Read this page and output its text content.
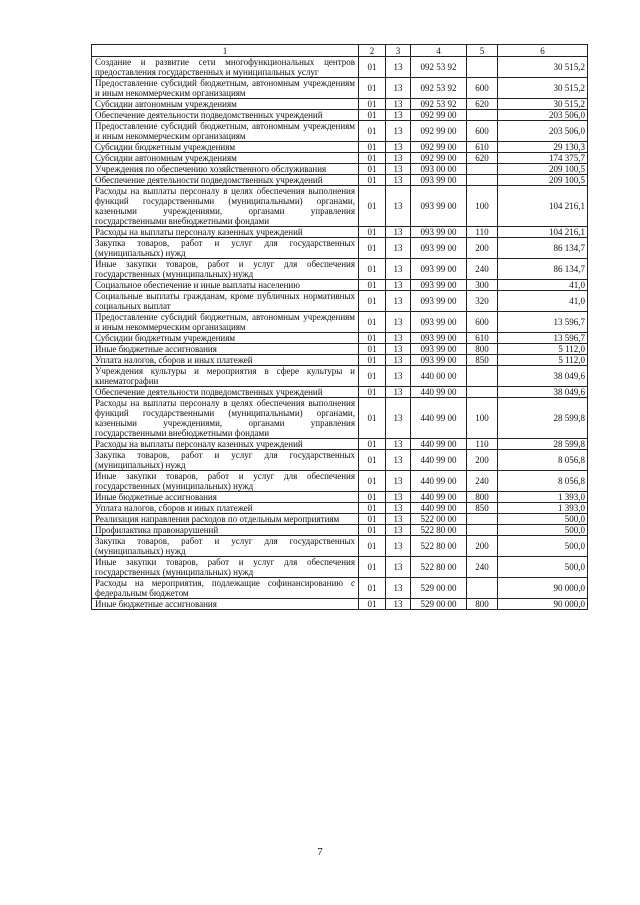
1	2	3	4	5	6
Создание и развитие сети многофункциональных центров предоставления государственных и муниципальных услуг	01	13	092 53 92		30 515,2
Предоставление субсидий бюджетным, автономным учреждениям и иным некоммерческим организациям	01	13	092 53 92	600	30 515,2
Субсидии автономным учреждениям	01	13	092 53 92	620	30 515,2
Обеспечение деятельности подведомственных учреждений	01	13	092 99 00		203 506,0
Предоставление субсидий бюджетным, автономным учреждениям и иным некоммерческим организациям	01	13	092 99 00	600	203 506,0
Субсидии бюджетным учреждениям	01	13	092 99 00	610	29 130,3
Субсидии автономным учреждениям	01	13	092 99 00	620	174 375,7
Учреждения по обеспечению хозяйственного обслуживания	01	13	093 00 00		209 100,5
Обеспечение деятельности подведомственных учреждений	01	13	093 99 00		209 100,5
Расходы на выплаты персоналу в целях обеспечения выполнения функций государственными (муниципальными) органами, казенными учреждениями, органами управления государственными внебюджетными фондами	01	13	093 99 00	100	104 216,1
Расходы на выплаты персоналу казенных учреждений	01	13	093 99 00	110	104 216,1
Закупка товаров, работ и услуг для государственных (муниципальных) нужд	01	13	093 99 00	200	86 134,7
Иные закупки товаров, работ и услуг для обеспечения государственных (муниципальных) нужд	01	13	093 99 00	240	86 134,7
Социальное обеспечение и иные выплаты населению	01	13	093 99 00	300	41,0
Социальные выплаты гражданам, кроме публичных нормативных социальных выплат	01	13	093 99 00	320	41,0
Предоставление субсидий бюджетным, автономным учреждениям и иным некоммерческим организациям	01	13	093 99 00	600	13 596,7
Субсидии бюджетным учреждениям	01	13	093 99 00	610	13 596,7
Иные бюджетные ассигнования	01	13	093 99 00	800	5 112,0
Уплата налогов, сборов и иных платежей	01	13	093 99 00	850	5 112,0
Учреждения культуры и мероприятия в сфере культуры и кинематографии	01	13	440 00 00		38 049,6
Обеспечение деятельности подведомственных учреждений	01	13	440 99 00		38 049,6
Расходы на выплаты персоналу в целях обеспечения выполнения функций государственными (муниципальными) органами, казенными учреждениями, органами управления государственными внебюджетными фондами	01	13	440 99 00	100	28 599,8
Расходы на выплаты персоналу казенных учреждений	01	13	440 99 00	110	28 599,8
Закупка товаров, работ и услуг для государственных (муниципальных) нужд	01	13	440 99 00	200	8 056,8
Иные закупки товаров, работ и услуг для обеспечения государственных (муниципальных) нужд	01	13	440 99 00	240	8 056,8
Иные бюджетные ассигнования	01	13	440 99 00	800	1 393,0
Уплата налогов, сборов и иных платежей	01	13	440 99 00	850	1 393,0
Реализация направления расходов по отдельным мероприятиям	01	13	522 00 00		500,0
Профилактика правонарушений	01	13	522 80 00		500,0
Закупка товаров, работ и услуг для государственных (муниципальных) нужд	01	13	522 80 00	200	500,0
Иные закупки товаров, работ и услуг для обеспечения государственных (муниципальных) нужд	01	13	522 80 00	240	500,0
Расходы на мероприятия, подлежащие софинансированию с федеральным бюджетом	01	13	529 00 00		90 000,0
Иные бюджетные ассигнования	01	13	529 00 00	800	90 000,0
7
